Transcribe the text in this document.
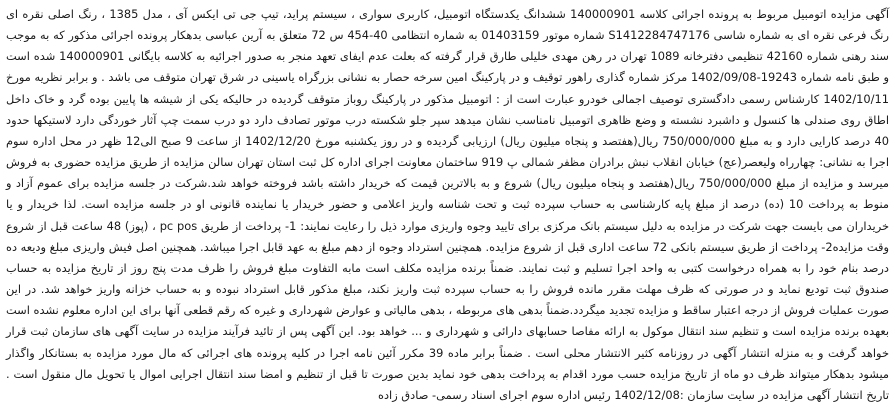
آگهی مزایده اتومبیل مربوط به پرونده اجرائی کلاسه 140000901 ششدانگ یکدستگاه اتومبیل، کاربری سواری ، سیستم پراید، تیپ جی تی ایکس آی ، مدل 1385 ، رنگ اصلی نقره ای رنگ فرعی نقره ای به شماره شاسی S1412284747176 شماره موتور 01403159 به شماره انتظامی 40-454 س 72 متعلق به آرین عباسی بدهکار پرونده اجرائی مذکور که به موجب سند رهنی شماره 42160 تنظیمی دفترخانه 1089 تهران در رهن مهدی خلیلی طارق قرار گرفته که بعلت عدم ایفای تعهد منجر به صدور اجرائیه به کلاسه بایگانی 140000901 شده است و طبق نامه شماره 19243-1402/09/08 مرکز شماره گذاری راهور توقیف و در پارکینگ امین سرخه حصار به نشانی بزرگراه یاسینی در شرق تهران متوقف می باشد . و برابر نظریه مورخ 1402/10/11 کارشناس رسمی دادگستری توصیف اجمالی خودرو عبارت است از : اتومبیل مذکور در پارکینگ روباز متوقف گردیده در حالیکه یکی از شیشه ها پایین بوده گرد و خاک داخل اطاق روی صندلی ها کنسول و داشبرد نشسته و وضع ظاهری اتومبیل نامناسب نشان میدهد سپر جلو شکسته درب موتور تصادف دارد دو درب سمت چپ آثار خوردگی دارد لاستیکها حدود 40 درصد کارایی دارد و به مبلغ 750/000/000 ریال(هفتصد و پنجاه میلیون ریال) ارزیابی گردیده و در روز یکشنبه مورخ 1402/12/20 از ساعت 9 صبح الی12 ظهر در محل اداره سوم اجرا به نشانی: چهارراه ولیعصر(عج) خیابان انقلاب نبش برادران مظفر شمالی پ 919 ساختمان معاونت اجرای اداره کل ثبت استان تهران سالن مزایده از طریق مزایده حضوری به فروش میرسد و مزایده از مبلغ 750/000/000 ریال(هفتصد و پنجاه میلیون ریال) شروع و به بالاترین قیمت که خریدار داشته باشد فروخته خواهد شد.شرکت در جلسه مزایده برای عموم آزاد و منوط به پرداخت 10 (ده) درصد از مبلغ پایه کارشناسی به حساب سپرده ثبت و تحت شناسه واریز اعلامی و حضور خریدار یا نماینده قانونی او در جلسه مزایده است. لذا خریدار و یا خریداران می بایست جهت شرکت در مزایده به دلیل سیستم بانک مرکزی برای تایید وجوه واریزی موارد ذیل را رعایت نمایند: 1- پرداخت از طریق pc pos ، (پوز) 48 ساعت قبل از شروع وقت مزایده2- پرداخت از طریق سیستم بانکی 72 ساعت اداری قبل از شروع مزایده. همچنین استرداد وجوه از دهم مبلغ به عهد قابل اجرا میباشد. همچنین اصل فیش واریزی مبلغ ودیعه ده درصد بنام خود را به همراه درخواست کتبی به واحد اجرا تسلیم و ثبت نمایند. ضمناً برنده مزایده مکلف است مابه التفاوت مبلغ فروش را ظرف مدت پنج روز از تاریخ مزایده به حساب صندوق ثبت تودیع نماید و در صورتی که ظرف مهلت مقرر مانده فروش را به حساب سپرده ثبت واریز نکند، مبلغ مذکور قابل استرداد نبوده و به حساب خزانه واریز خواهد شد. در این صورت عملیات فروش از درجه اعتبار ساقط و مزایده تجدید میگردد.ضمناً بدهی های مربوطه ، بدهی مالیاتی و عوارض شهرداری و غیره که رقم قطعی آنها برای این اداره معلوم نشده است بعهده برنده مزایده است و تنظیم سند انتقال موکول به ارائه مفاصا حسابهای دارائی و شهرداری و ... خواهد بود. این آگهی پس از تائید فرآیند مزایده در سایت آگهی های سازمان ثبت قرار خواهد گرفت و به منزله انتشار آگهی در روزنامه کثیر الانتشار محلی است . ضمناً برابر ماده 39 مکرر آئین نامه اجرا در کلیه پرونده های اجرائی که مال مورد مزایده به بستانکار واگذار میشود بدهکار میتواند ظرف دو ماه از تاریخ مزایده حسب مورد اقدام به پرداخت بدهی خود نماید بدین صورت تا قبل از تنظیم و امضا سند انتقال اجرایی اموال یا تحویل مال منقول است . تاریخ انتشار آگهی مزایده در سایت سازمان :1402/12/08 رئیس اداره سوم اجرای اسناد رسمی- صادق زاده
